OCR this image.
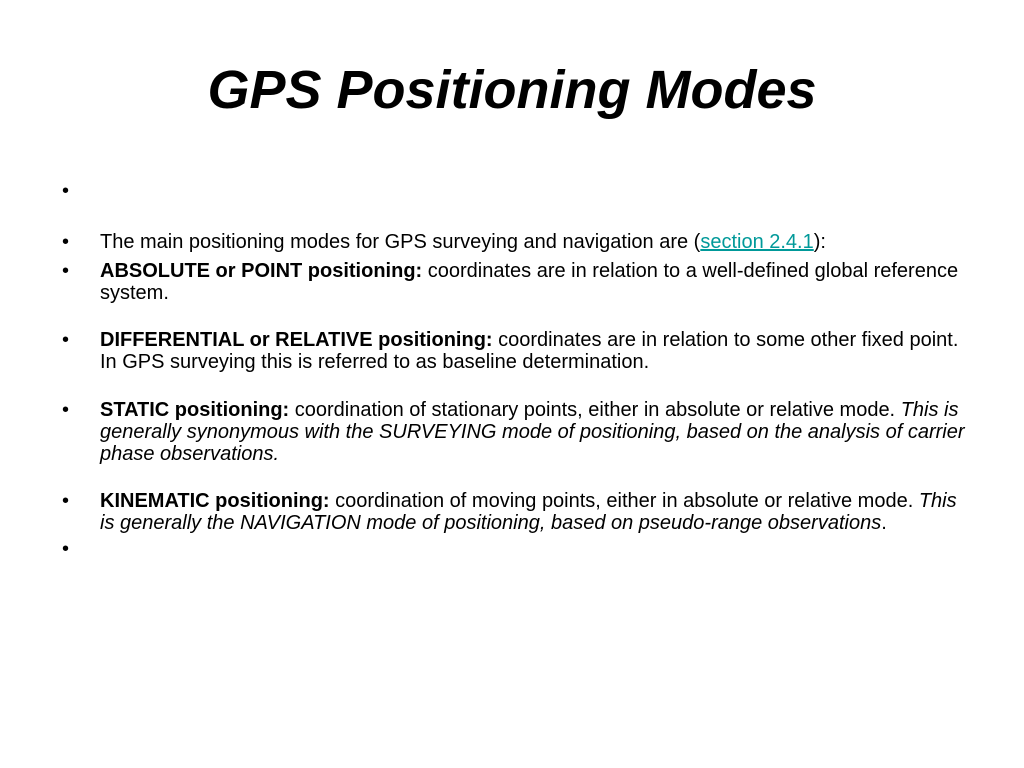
GPS Positioning Modes
•
• The main positioning modes for GPS surveying and navigation are (section 2.4.1):
• ABSOLUTE or POINT positioning: coordinates are in relation to a well-defined global reference system.
• DIFFERENTIAL or RELATIVE positioning: coordinates are in relation to some other fixed point. In GPS surveying this is referred to as baseline determination.
• STATIC positioning: coordination of stationary points, either in absolute or relative mode. This is generally synonymous with the SURVEYING mode of positioning, based on the analysis of carrier phase observations.
• KINEMATIC positioning: coordination of moving points, either in absolute or relative mode. This is generally the NAVIGATION mode of positioning, based on pseudo-range observations.
•
